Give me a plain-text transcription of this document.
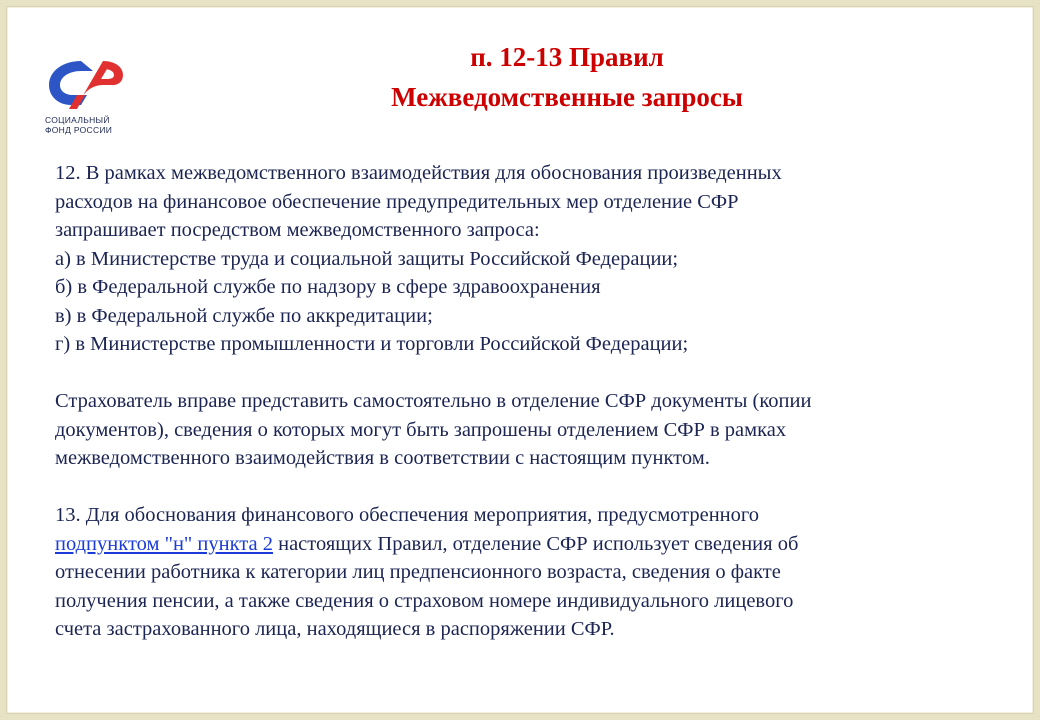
СОЦИАЛЬНЫЙ
ФОНД РОССИИ
п. 12-13 Правил
Межведомственные запросы
12. В рамках межведомственного взаимодействия для обоснования произведенных
расходов на финансовое обеспечение предупредительных мер отделение СФР
запрашивает посредством межведомственного запроса:
а) в Министерстве труда и социальной защиты Российской Федерации;
б) в Федеральной службе по надзору в сфере здравоохранения
в) в Федеральной службе по аккредитации;
г) в Министерстве промышленности и торговли Российской Федерации;
Страхователь вправе представить самостоятельно в отделение СФР документы (копии
документов), сведения о которых могут быть запрошены отделением СФР в рамках
межведомственного взаимодействия в соответствии с настоящим пунктом.
13. Для обоснования финансового обеспечения мероприятия, предусмотренного
подпунктом "н" пункта 2 настоящих Правил, отделение СФР использует сведения об
отнесении работника к категории лиц предпенсионного возраста, сведения о факте
получения пенсии, а также сведения о страховом номере индивидуального лицевого
счета застрахованного лица, находящиеся в распоряжении СФР.
